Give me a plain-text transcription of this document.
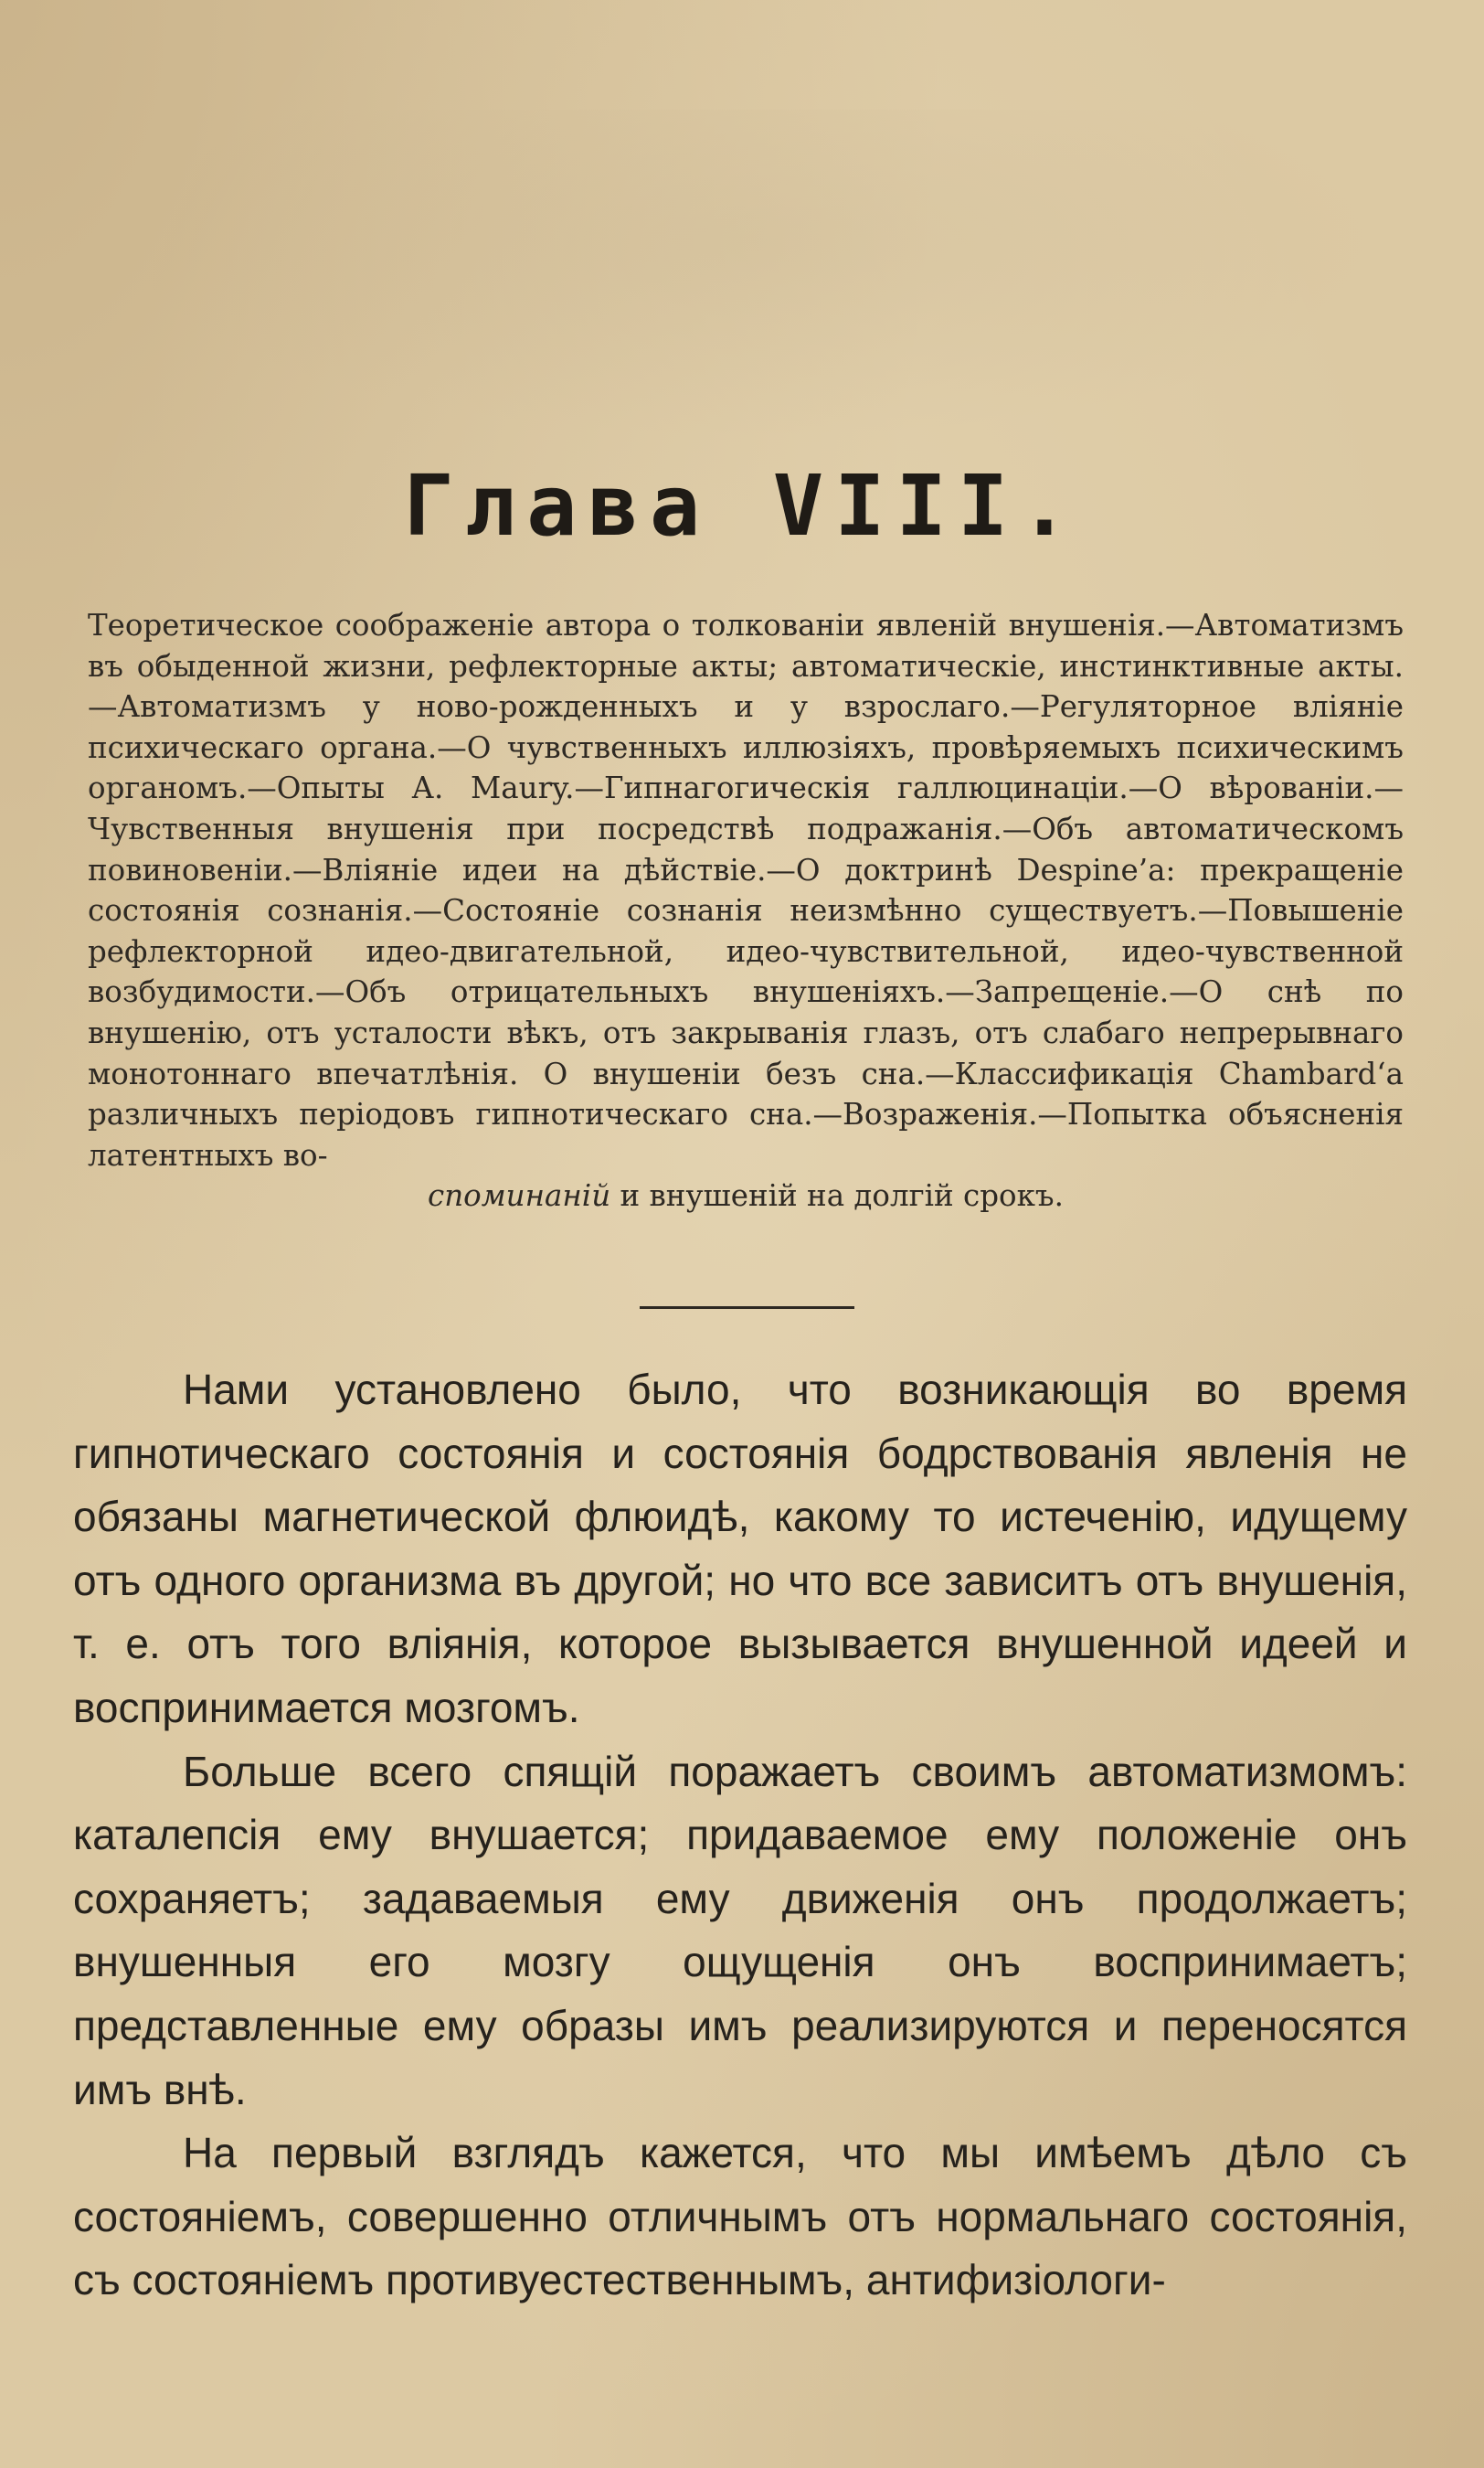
Глава VIII.
Теоретическое соображеніе автора о толкованіи явленій внушенія.—Автоматизмъ въ обыденной жизни, рефлекторные акты; автоматическіе, инстинктивные акты.—Автоматизмъ у ново-рожденныхъ и у взрослаго.—Регуляторное вліяніе психическаго органа.—О чувственныхъ иллюзіяхъ, провѣряемыхъ психическимъ органомъ.—Опыты А. Maury.—Гипнагогическія галлюцинаціи.—О вѣрованіи.—Чувственныя внушенія при посредствѣ подражанія.—Объ автоматическомъ повиновеніи.—Вліяніе идеи на дѣйствіе.—О доктринѣ Despine’a: прекращеніе состоянія сознанія.—Состояніе сознанія неизмѣнно существуетъ.—Повышеніе рефлекторной идео-двигательной, идео-чувствительной, идео-чувственной возбудимости.—Объ отрицательныхъ внушеніяхъ.—Запрещеніе.—О снѣ по внушенію, отъ усталости вѣкъ, отъ закрыванія глазъ, отъ слабаго непрерывнаго монотоннаго впечатлѣнія. О внушеніи безъ сна.—Классификація Chambard‘a различныхъ періодовъ гипнотическаго сна.—Возраженія.—Попытка объясненія латентныхъ во-
споминаній и внушеній на долгій срокъ.

Нами установлено было, что возникающія во время гипнотическаго состоянія и состоянія бодрствованія явленія не обязаны магнетической флюидѣ, какому то истеченію, идущему отъ одного организма въ другой; но что все зависитъ отъ внушенія, т. е. отъ того вліянія, которое вызывается внушенной идеей и воспринимается мозгомъ.

Больше всего спящій поражаетъ своимъ автоматизмомъ: каталепсія ему внушается; придаваемое ему положеніе онъ сохраняетъ; задаваемыя ему движенія онъ продолжаетъ; внушенныя его мозгу ощущенія онъ воспринимаетъ; представленные ему образы имъ реализируются и переносятся имъ внѣ.

На первый взглядъ кажется, что мы имѣемъ дѣло съ состояніемъ, совершенно отличнымъ отъ нормальнаго состоянія, съ состояніемъ противуестественнымъ, антифизіологи-
